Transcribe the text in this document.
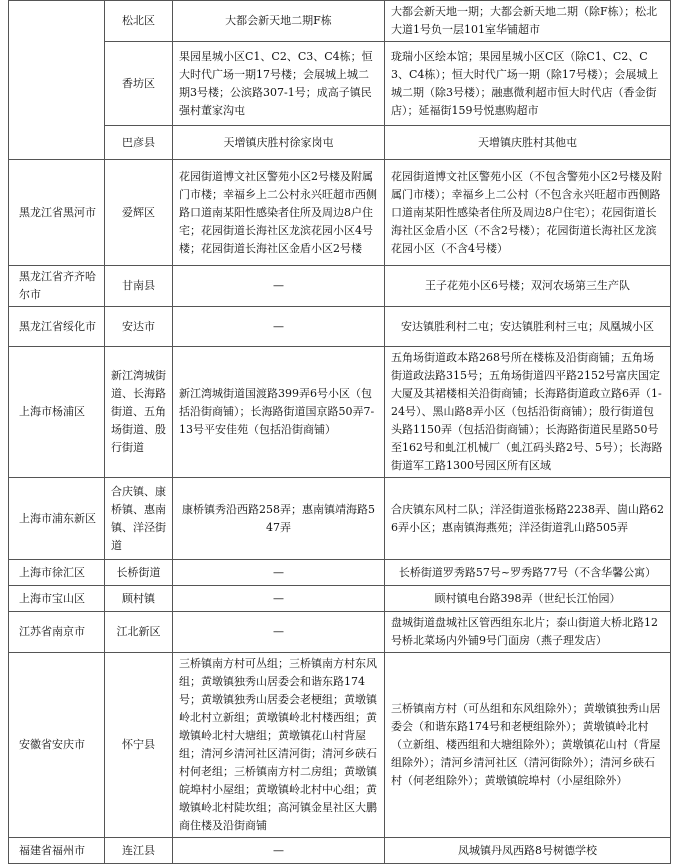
	松北区	大都会新天地二期F栋	大都会新天地一期；大都会新天地二期（除F栋）；松北大道1号负一层101室华铺超市
	香坊区	果园星城小区C1、C2、C3、C4栋；恒大时代广场一期17号楼；会展城上城二期3号楼；公滨路307-1号；成高子镇民强村董家沟屯	珑瑞小区绘本馆；果园星城小区C区（除C1、C2、C3、C4栋）；恒大时代广场一期（除17号楼）；会展城上城二期（除3号楼）；融惠微利超市恒大时代店（香金街店）；延福街159号悦惠购超市
	巴彦县	天增镇庆胜村徐家岗屯	天增镇庆胜村其他屯
黑龙江省黑河市	爱辉区	花园街道博文社区警苑小区2号楼及附属门市楼；幸福乡上二公村永兴旺超市西侧路口道南某阳性感染者住所及周边8户住宅；花园街道长海社区龙滨花园小区4号楼；花园街道长海社区金盾小区2号楼	花园街道博文社区警苑小区（不包含警苑小区2号楼及附属门市楼）；幸福乡上二公村（不包含永兴旺超市西侧路口道南某阳性感染者住所及周边8户住宅）；花园街道长海社区金盾小区（不含2号楼）；花园街道长海社区龙滨花园小区（不含4号楼）
黑龙江省齐齐哈尔市	甘南县	—	王子花苑小区6号楼；双河农场第三生产队
黑龙江省绥化市	安达市	—	安达镇胜利村二屯；安达镇胜利村三屯；凤凰城小区
上海市杨浦区	新江湾城街道、长海路街道、五角场街道、殷行街道	新江湾城街道国渡路399弄6号小区（包括沿街商铺）；长海路街道国京路50弄7-13号平安佳苑（包括沿街商铺）	五角场街道政本路268号所在楼栋及沿街商铺；五角场街道政法路315号；五角场街道四平路2152号富庆国定大厦及其裙楼相关沿街商铺；长海路街道政立路6弄（1-24号）、黑山路8弄小区（包括沿街商铺）；殷行街道包头路1150弄（包括沿街商铺）；长海路街道民星路50号至162号和虬江机械厂（虬江码头路2号、5号）；长海路街道军工路1300号园区所有区域
上海市浦东新区	合庆镇、康桥镇、惠南镇、洋泾街道	康桥镇秀沿西路258弄；惠南镇靖海路547弄	合庆镇东风村二队；洋泾街道张杨路2238弄、崮山路626弄小区；惠南镇海燕苑；洋泾街道乳山路505弄
上海市徐汇区	长桥街道	—	长桥街道罗秀路57号~罗秀路77号（不含华馨公寓）
上海市宝山区	顾村镇	—	顾村镇电台路398弄（世纪长江怡园）
江苏省南京市	江北新区	—	盘城街道盘城社区管西组东北片；泰山街道大桥北路12号桥北菜场内外铺9号门面房（燕子理发店）
安徽省安庆市	怀宁县	三桥镇南方村可丛组；三桥镇南方村东风组；黄墩镇独秀山居委会和谐东路174号；黄墩镇独秀山居委会老梗组；黄墩镇岭北村立新组；黄墩镇岭北村楼西组；黄墩镇岭北村大塘组；黄墩镇花山村背屋组；清河乡清河社区清河街；清河乡硖石村何老组；三桥镇南方村二房组；黄墩镇皖埠村小屋组；黄墩镇岭北村中心组；黄墩镇岭北村陡坎组；高河镇金星社区大鹏商住楼及沿街商铺	三桥镇南方村（可丛组和东风组除外）；黄墩镇独秀山居委会（和谐东路174号和老梗组除外）；黄墩镇岭北村（立新组、楼西组和大塘组除外）；黄墩镇花山村（背屋组除外）；清河乡清河社区（清河街除外）；清河乡硖石村（何老组除外）；黄墩镇皖埠村（小屋组除外）
福建省福州市	连江县	—	凤城镇丹凤西路8号树德学校
